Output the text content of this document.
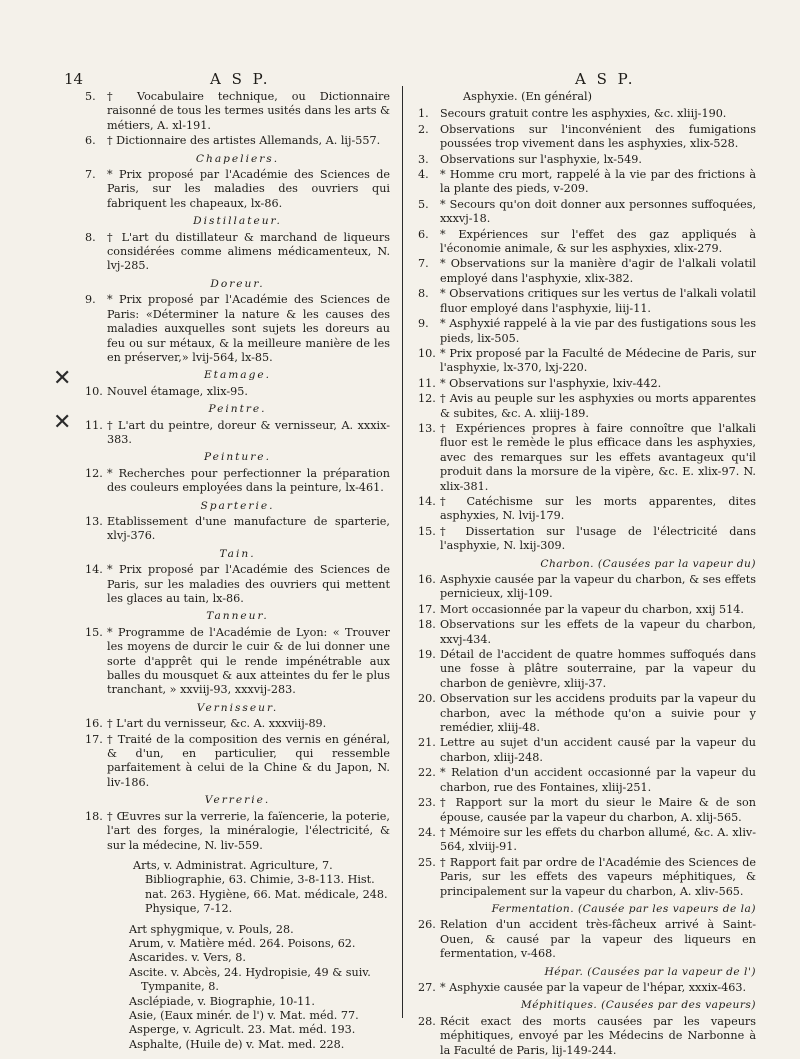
14	A S P.	A S P.
✕
✕
5.	† Vocabulaire technique, ou Dictionnaire raisonné de tous les termes usités dans les arts & métiers, A. xl-191.
6.	† Dictionnaire des artistes Allemands, A. lij-557.
Chapeliers.
7.	* Prix proposé par l'Académie des Sciences de Paris, sur les maladies des ouvriers qui fabriquent les chapeaux, lx-86.
Distillateur.
8.	† L'art du distillateur & marchand de liqueurs considérées comme alimens médicamenteux, N. lvj-285.
Doreur.
9.	* Prix proposé par l'Académie des Sciences de Paris: «Déterminer la nature & les causes des maladies auxquelles sont sujets les doreurs au feu ou sur métaux, & la meilleure manière de les en préserver,» lvij-564, lx-85.
Etamage.
10. Nouvel étamage, xlix-95.
Peintre.
11. † L'art du peintre, doreur & vernisseur, A. xxxix-383.
Peinture.
12. * Recherches pour perfectionner la préparation des couleurs employées dans la peinture, lx-461.
Sparterie.
13. Etablissement d'une manufacture de sparterie, xlvj-376.
Tain.
14. * Prix proposé par l'Académie des Sciences de Paris, sur les maladies des ouvriers qui mettent les glaces au tain, lx-86.
Tanneur.
15. * Programme de l'Académie de Lyon: « Trouver les moyens de durcir le cuir & de lui donner une sorte d'apprêt qui le rende impénétrable aux balles du mousquet & aux atteintes du fer le plus tranchant, » xxviij-93, xxxvij-283.
Vernisseur.
16. † L'art du vernisseur, &c. A. xxxviij-89.
17. † Traité de la composition des vernis en général, & d'un, en particulier, qui ressemble parfaitement à celui de la Chine & du Japon, N. liv-186.
Verrerie.
18. † Œuvres sur la verrerie, la faïencerie, la poterie, l'art des forges, la minéralogie, l'électricité, & sur la médecine, N. liv-559.
Arts, v. Administrat. Agriculture, 7. Bibliographie, 63. Chimie, 3-8-113. Hist. nat. 263. Hygiène, 66. Mat. médicale, 248. Physique, 7-12.
Art sphygmique, v. Pouls, 28.
Arum, v. Matière méd. 264. Poisons, 62.
Ascarides. v. Vers, 8.
Ascite. v. Abcès, 24. Hydropisie, 49 & suiv. Tympanite, 8.
Asclépiade, v. Biographie, 10-11.
Asie, (Eaux minér. de l') v. Mat. méd. 77.
Asperge, v. Agricult. 23. Mat. méd. 193.
Asphalte, (Huile de) v. Mat. med. 228.
Asphyxie. (En général)
1.	Secours gratuit contre les asphyxies, &c. xliij-190.
2.	Observations sur l'inconvénient des fumigations poussées trop vivement dans les asphyxies, xlix-528.
3.	Observations sur l'asphyxie, lx-549.
4.	* Homme cru mort, rappelé à la vie par des frictions à la plante des pieds, v-209.
5.	* Secours qu'on doit donner aux personnes suffoquées, xxxvj-18.
6.	* Expériences sur l'effet des gaz appliqués à l'économie animale, & sur les asphyxies, xlix-279.
7.	* Observations sur la manière d'agir de l'alkali volatil employé dans l'asphyxie, xlix-382.
8.	* Observations critiques sur les vertus de l'alkali volatil fluor employé dans l'asphyxie, liij-11.
9.	* Asphyxié rappelé à la vie par des fustigations sous les pieds, lix-505.
10. * Prix proposé par la Faculté de Médecine de Paris, sur l'asphyxie, lx-370, lxj-220.
11. * Observations sur l'asphyxie, lxiv-442.
12. † Avis au peuple sur les asphyxies ou morts apparentes & subites, &c. A. xliij-189.
13. † Expériences propres à faire connoître que l'alkali fluor est le remède le plus efficace dans les asphyxies, avec des remarques sur les effets avantageux qu'il produit dans la morsure de la vipère, &c. E. xlix-97. N. xlix-381.
14. † Catéchisme sur les morts apparentes, dites asphyxies, N. lvij-179.
15. † Dissertation sur l'usage de l'électricité dans l'asphyxie, N. lxij-309.
Charbon. (Causées par la vapeur du)
16. Asphyxie causée par la vapeur du charbon, & ses effets pernicieux, xlij-109.
17. Mort occasionnée par la vapeur du charbon, xxij 514.
18. Observations sur les effets de la vapeur du charbon, xxvj-434.
19. Détail de l'accident de quatre hommes suffoqués dans une fosse à plâtre souterraine, par la vapeur du charbon de genièvre, xliij-37.
20. Observation sur les accidens produits par la vapeur du charbon, avec la méthode qu'on a suivie pour y remédier, xliij-48.
21. Lettre au sujet d'un accident causé par la vapeur du charbon, xliij-248.
22. * Relation d'un accident occasionné par la vapeur du charbon, rue des Fontaines, xliij-251.
23. † Rapport sur la mort du sieur le Maire & de son épouse, causée par la vapeur du charbon, A. xlij-565.
24. † Mémoire sur les effets du charbon allumé, &c. A. xliv-564, xlviij-91.
25. † Rapport fait par ordre de l'Académie des Sciences de Paris, sur les effets des vapeurs méphitiques, & principalement sur la vapeur du charbon, A. xliv-565.
Fermentation. (Causée par les vapeurs de la)
26. Relation d'un accident très-fâcheux arrivé à Saint-Ouen, & causé par la vapeur des liqueurs en fermentation, v-468.
Hépar. (Causées par la vapeur de l')
27. * Asphyxie causée par la vapeur de l'hépar, xxxix-463.
Méphitiques. (Causées par des vapeurs)
28. Récit exact des morts causées par les vapeurs méphitiques, envoyé par les Médecins de Narbonne à la Faculté de Paris, lij-149-244.
